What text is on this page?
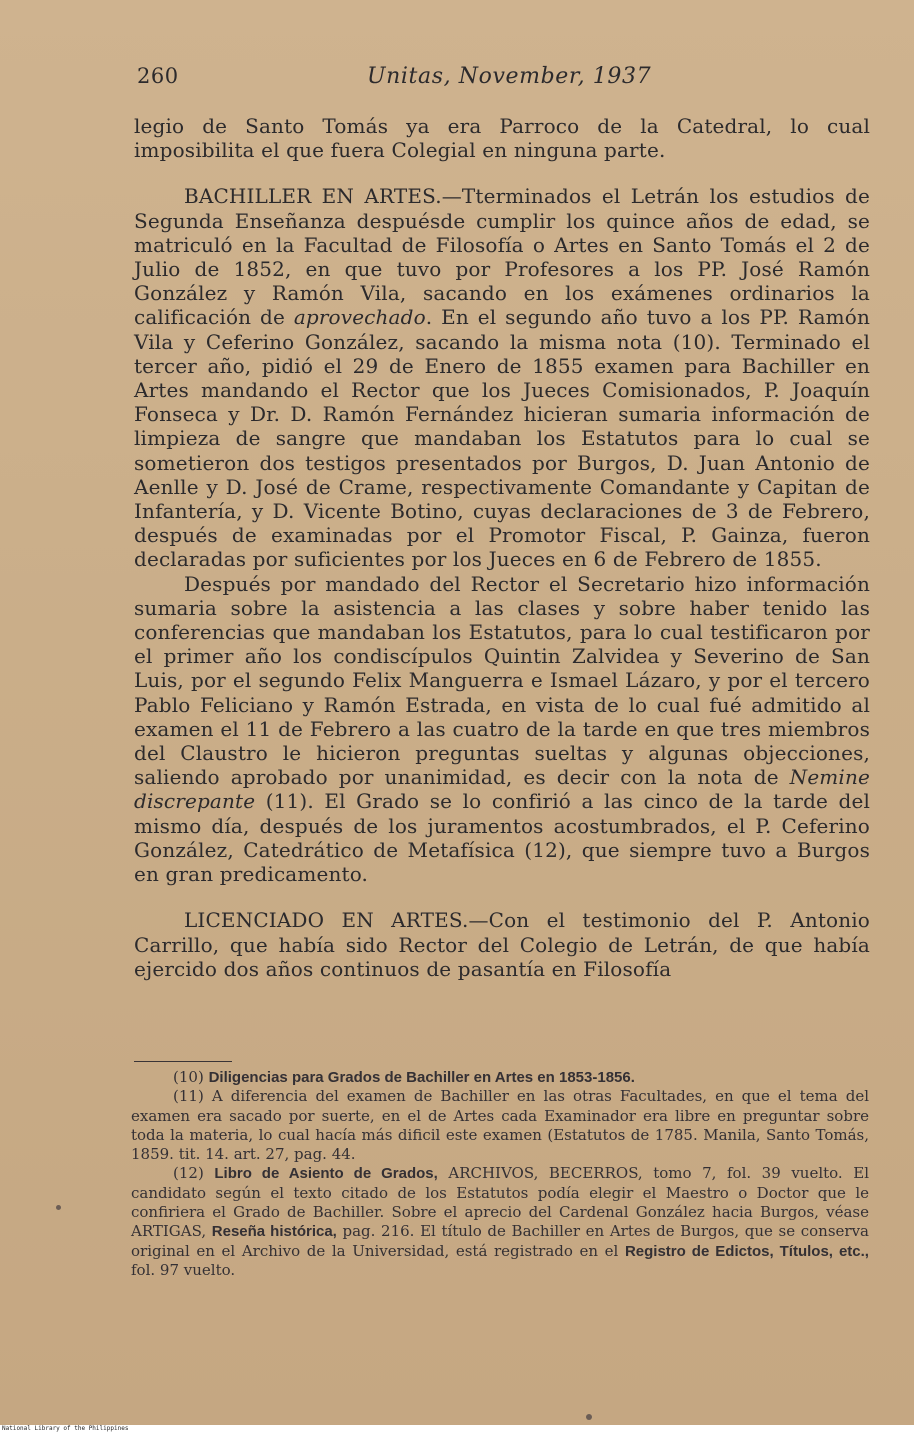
260	Unitas, November, 1937

legio de Santo Tomás ya era Parroco de la Catedral, lo cual imposibilita el que fuera Colegial en ninguna parte.

BACHILLER EN ARTES.—Tterminados el Letrán los estudios de Segunda Enseñanza despuésde cumplir los quince años de edad, se matriculó en la Facultad de Filosofía o Artes en Santo Tomás el 2 de Julio de 1852, en que tuvo por Profesores a los PP. José Ramón González y Ramón Vila, sacando en los exámenes ordinarios la calificación de aprovechado. En el segundo año tuvo a los PP. Ramón Vila y Ceferino González, sacando la misma nota (10). Terminado el tercer año, pidió el 29 de Enero de 1855 examen para Bachiller en Artes mandando el Rector que los Jueces Comisionados, P. Joaquín Fonseca y Dr. D. Ramón Fernández hicieran sumaria información de limpieza de sangre que mandaban los Estatutos para lo cual se sometieron dos testigos presentados por Burgos, D. Juan Antonio de Aenlle y D. José de Crame, respectivamente Comandante y Capitan de Infantería, y D. Vicente Botino, cuyas declaraciones de 3 de Febrero, después de examinadas por el Promotor Fiscal, P. Gainza, fueron declaradas por suficientes por los Jueces en 6 de Febrero de 1855.

Después por mandado del Rector el Secretario hizo información sumaria sobre la asistencia a las clases y sobre haber tenido las conferencias que mandaban los Estatutos, para lo cual testificaron por el primer año los condiscípulos Quintin Zalvidea y Severino de San Luis, por el segundo Felix Manguerra e Ismael Lázaro, y por el tercero Pablo Feliciano y Ramón Estrada, en vista de lo cual fué admitido al examen el 11 de Febrero a las cuatro de la tarde en que tres miembros del Claustro le hicieron preguntas sueltas y algunas objecciones, saliendo aprobado por unanimidad, es decir con la nota de Nemine discrepante (11). El Grado se lo confirió a las cinco de la tarde del mismo día, después de los juramentos acostumbrados, el P. Ceferino González, Catedrático de Metafísica (12), que siempre tuvo a Burgos en gran predicamento.

LICENCIADO EN ARTES.—Con el testimonio del P. Antonio Carrillo, que había sido Rector del Colegio de Letrán, de que había ejercido dos años continuos de pasantía en Filosofía

(10) Diligencias para Grados de Bachiller en Artes en 1853-1856.

(11) A diferencia del examen de Bachiller en las otras Facultades, en que el tema del examen era sacado por suerte, en el de Artes cada Examinador era libre en preguntar sobre toda la materia, lo cual hacía más dificil este examen (Estatutos de 1785. Manila, Santo Tomás, 1859. tit. 14. art. 27, pag. 44.

(12) Libro de Asiento de Grados, ARCHIVOS, BECERROS, tomo 7, fol. 39 vuelto. El candidato según el texto citado de los Estatutos podía elegir el Maestro o Doctor que le confiriera el Grado de Bachiller. Sobre el aprecio del Cardenal González hacia Burgos, véase ARTIGAS, Reseña histórica, pag. 216. El título de Bachiller en Artes de Burgos, que se conserva original en el Archivo de la Universidad, está registrado en el Registro de Edictos, Títulos, etc., fol. 97 vuelto.

National Library of the Philippines
